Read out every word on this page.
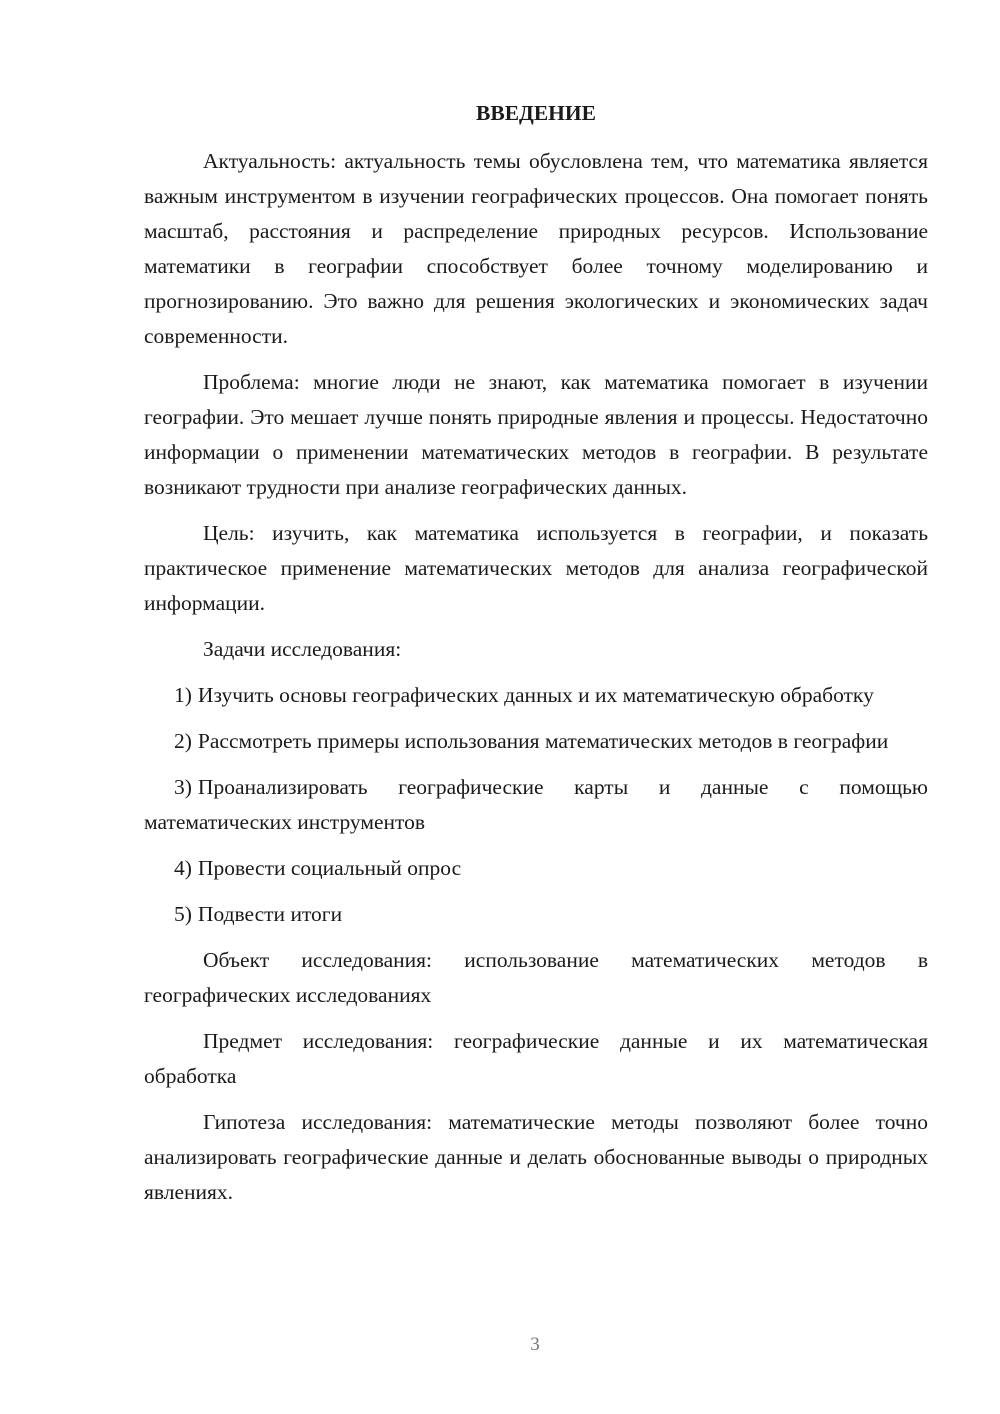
ВВЕДЕНИЕ

Актуальность: актуальность темы обусловлена тем, что математика является важным инструментом в изучении географических процессов. Она помогает понять масштаб, расстояния и распределение природных ресурсов. Использование математики в географии способствует более точному моделированию и прогнозированию. Это важно для решения экологических и экономических задач современности.

Проблема: многие люди не знают, как математика помогает в изучении географии. Это мешает лучше понять природные явления и процессы. Недостаточно информации о применении математических методов в географии. В результате возникают трудности при анализе географических данных.

Цель: изучить, как математика используется в географии, и показать практическое применение математических методов для анализа географической информации.

Задачи исследования:

1) Изучить основы географических данных и их математическую обработку

2) Рассмотреть примеры использования математических методов в географии

3) Проанализировать географические карты и данные с помощью математических инструментов

4) Провести социальный опрос

5) Подвести итоги

Объект исследования: использование математических методов в географических исследованиях

Предмет исследования: географические данные и их математическая обработка

Гипотеза исследования: математические методы позволяют более точно анализировать географические данные и делать обоснованные выводы о природных явлениях.

3
